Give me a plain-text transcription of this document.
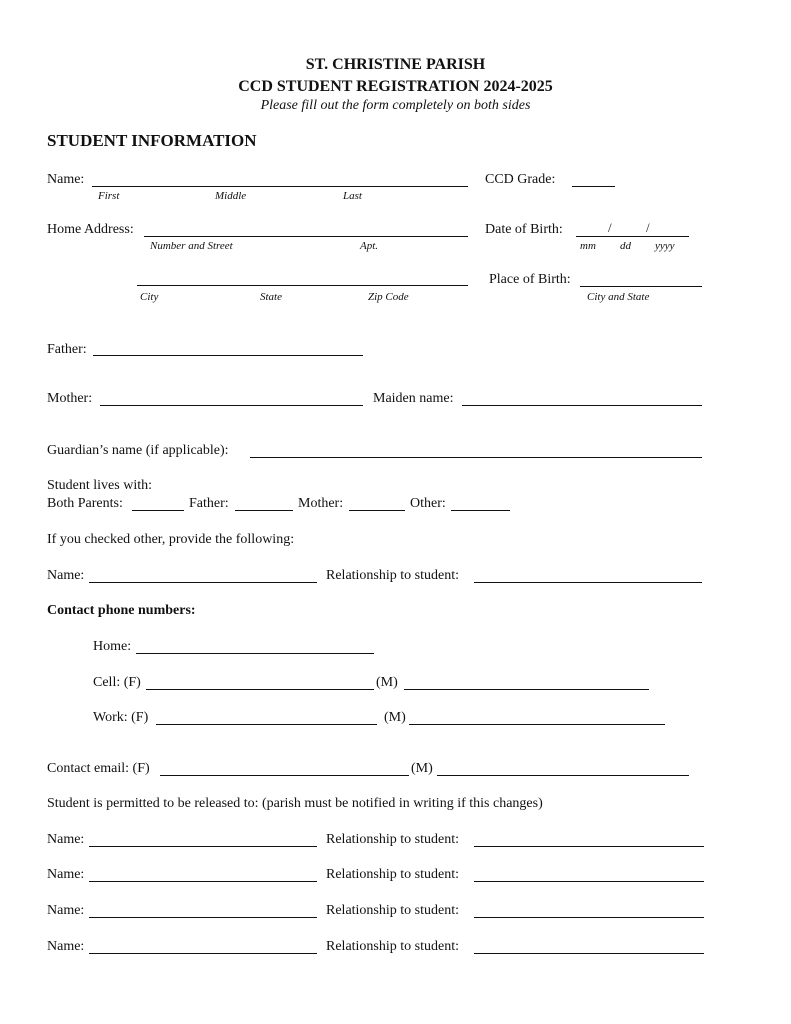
ST. CHRISTINE PARISH
CCD STUDENT REGISTRATION 2024-2025
Please fill out the form completely on both sides
STUDENT INFORMATION
Name:
First	Middle	Last
CCD Grade:
Home Address:
Number and Street	Apt.
Date of Birth:	/	/
mm dd yyyy
City	State	Zip Code
Place of Birth:
City and State
Father:
Mother:	Maiden name:
Guardian’s name (if applicable):
Student lives with:
Both Parents:	Father:	Mother:	Other:
If you checked other, provide the following:
Name:	Relationship to student:
Contact phone numbers:
Home:
Cell: (F)	(M)
Work: (F)	(M)
Contact email: (F)	(M)
Student is permitted to be released to: (parish must be notified in writing if this changes)
Name:	Relationship to student:
Name:	Relationship to student:
Name:	Relationship to student:
Name:	Relationship to student:
